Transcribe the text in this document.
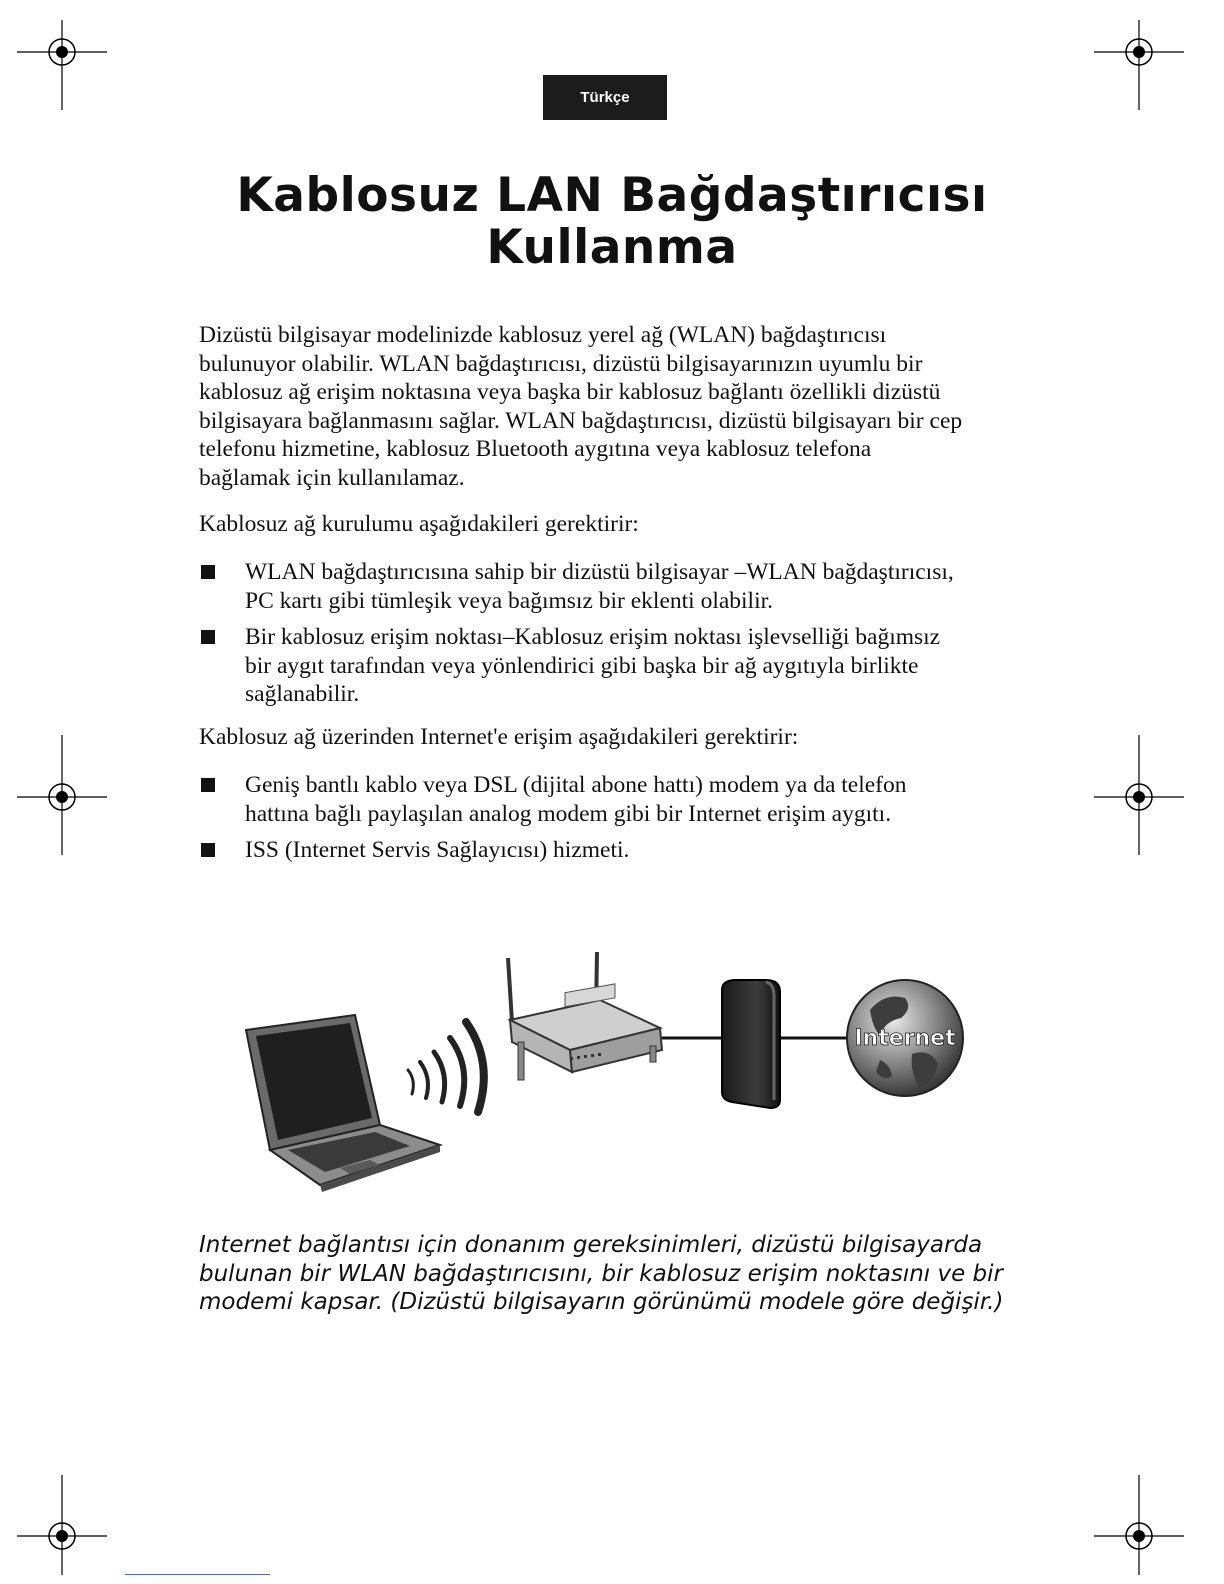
Türkçe
Kablosuz LAN Bağdaştırıcısı
Kullanma

Dizüstü bilgisayar modelinizde kablosuz yerel ağ (WLAN) bağdaştırıcısı

bulunuyor olabilir. WLAN bağdaştırıcısı, dizüstü bilgisayarınızın uyumlu bir

kablosuz ağ erişim noktasına veya başka bir kablosuz bağlantı özellikli dizüstü

bilgisayara bağlanmasını sağlar. WLAN bağdaştırıcısı, dizüstü bilgisayarı bir cep

telefonu hizmetine, kablosuz Bluetooth aygıtına veya kablosuz telefona

bağlamak için kullanılamaz.

Kablosuz ağ kurulumu aşağıdakileri gerektirir:
WLAN bağdaştırıcısına sahip bir dizüstü bilgisayar –WLAN bağdaştırıcısı,
PC kartı gibi tümleşik veya bağımsız bir eklenti olabilir.
Bir kablosuz erişim noktası–Kablosuz erişim noktası işlevselliği bağımsız
bir aygıt tarafından veya yönlendirici gibi başka bir ağ aygıtıyla birlikte
sağlanabilir.
Kablosuz ağ üzerinden Internet'e erişim aşağıdakileri gerektirir:
Geniş bantlı kablo veya DSL (dijital abone hattı) modem ya da telefon
hattına bağlı paylaşılan analog modem gibi bir Internet erişim aygıtı.
ISS (Internet Servis Sağlayıcısı) hizmeti.
Internet
Internet bağlantısı için donanım gereksinimleri, dizüstü bilgisayarda
bulunan bir WLAN bağdaştırıcısını, bir kablosuz erişim noktasını ve bir
modemi kapsar. (Dizüstü bilgisayarın görünümü modele göre değişir.)
